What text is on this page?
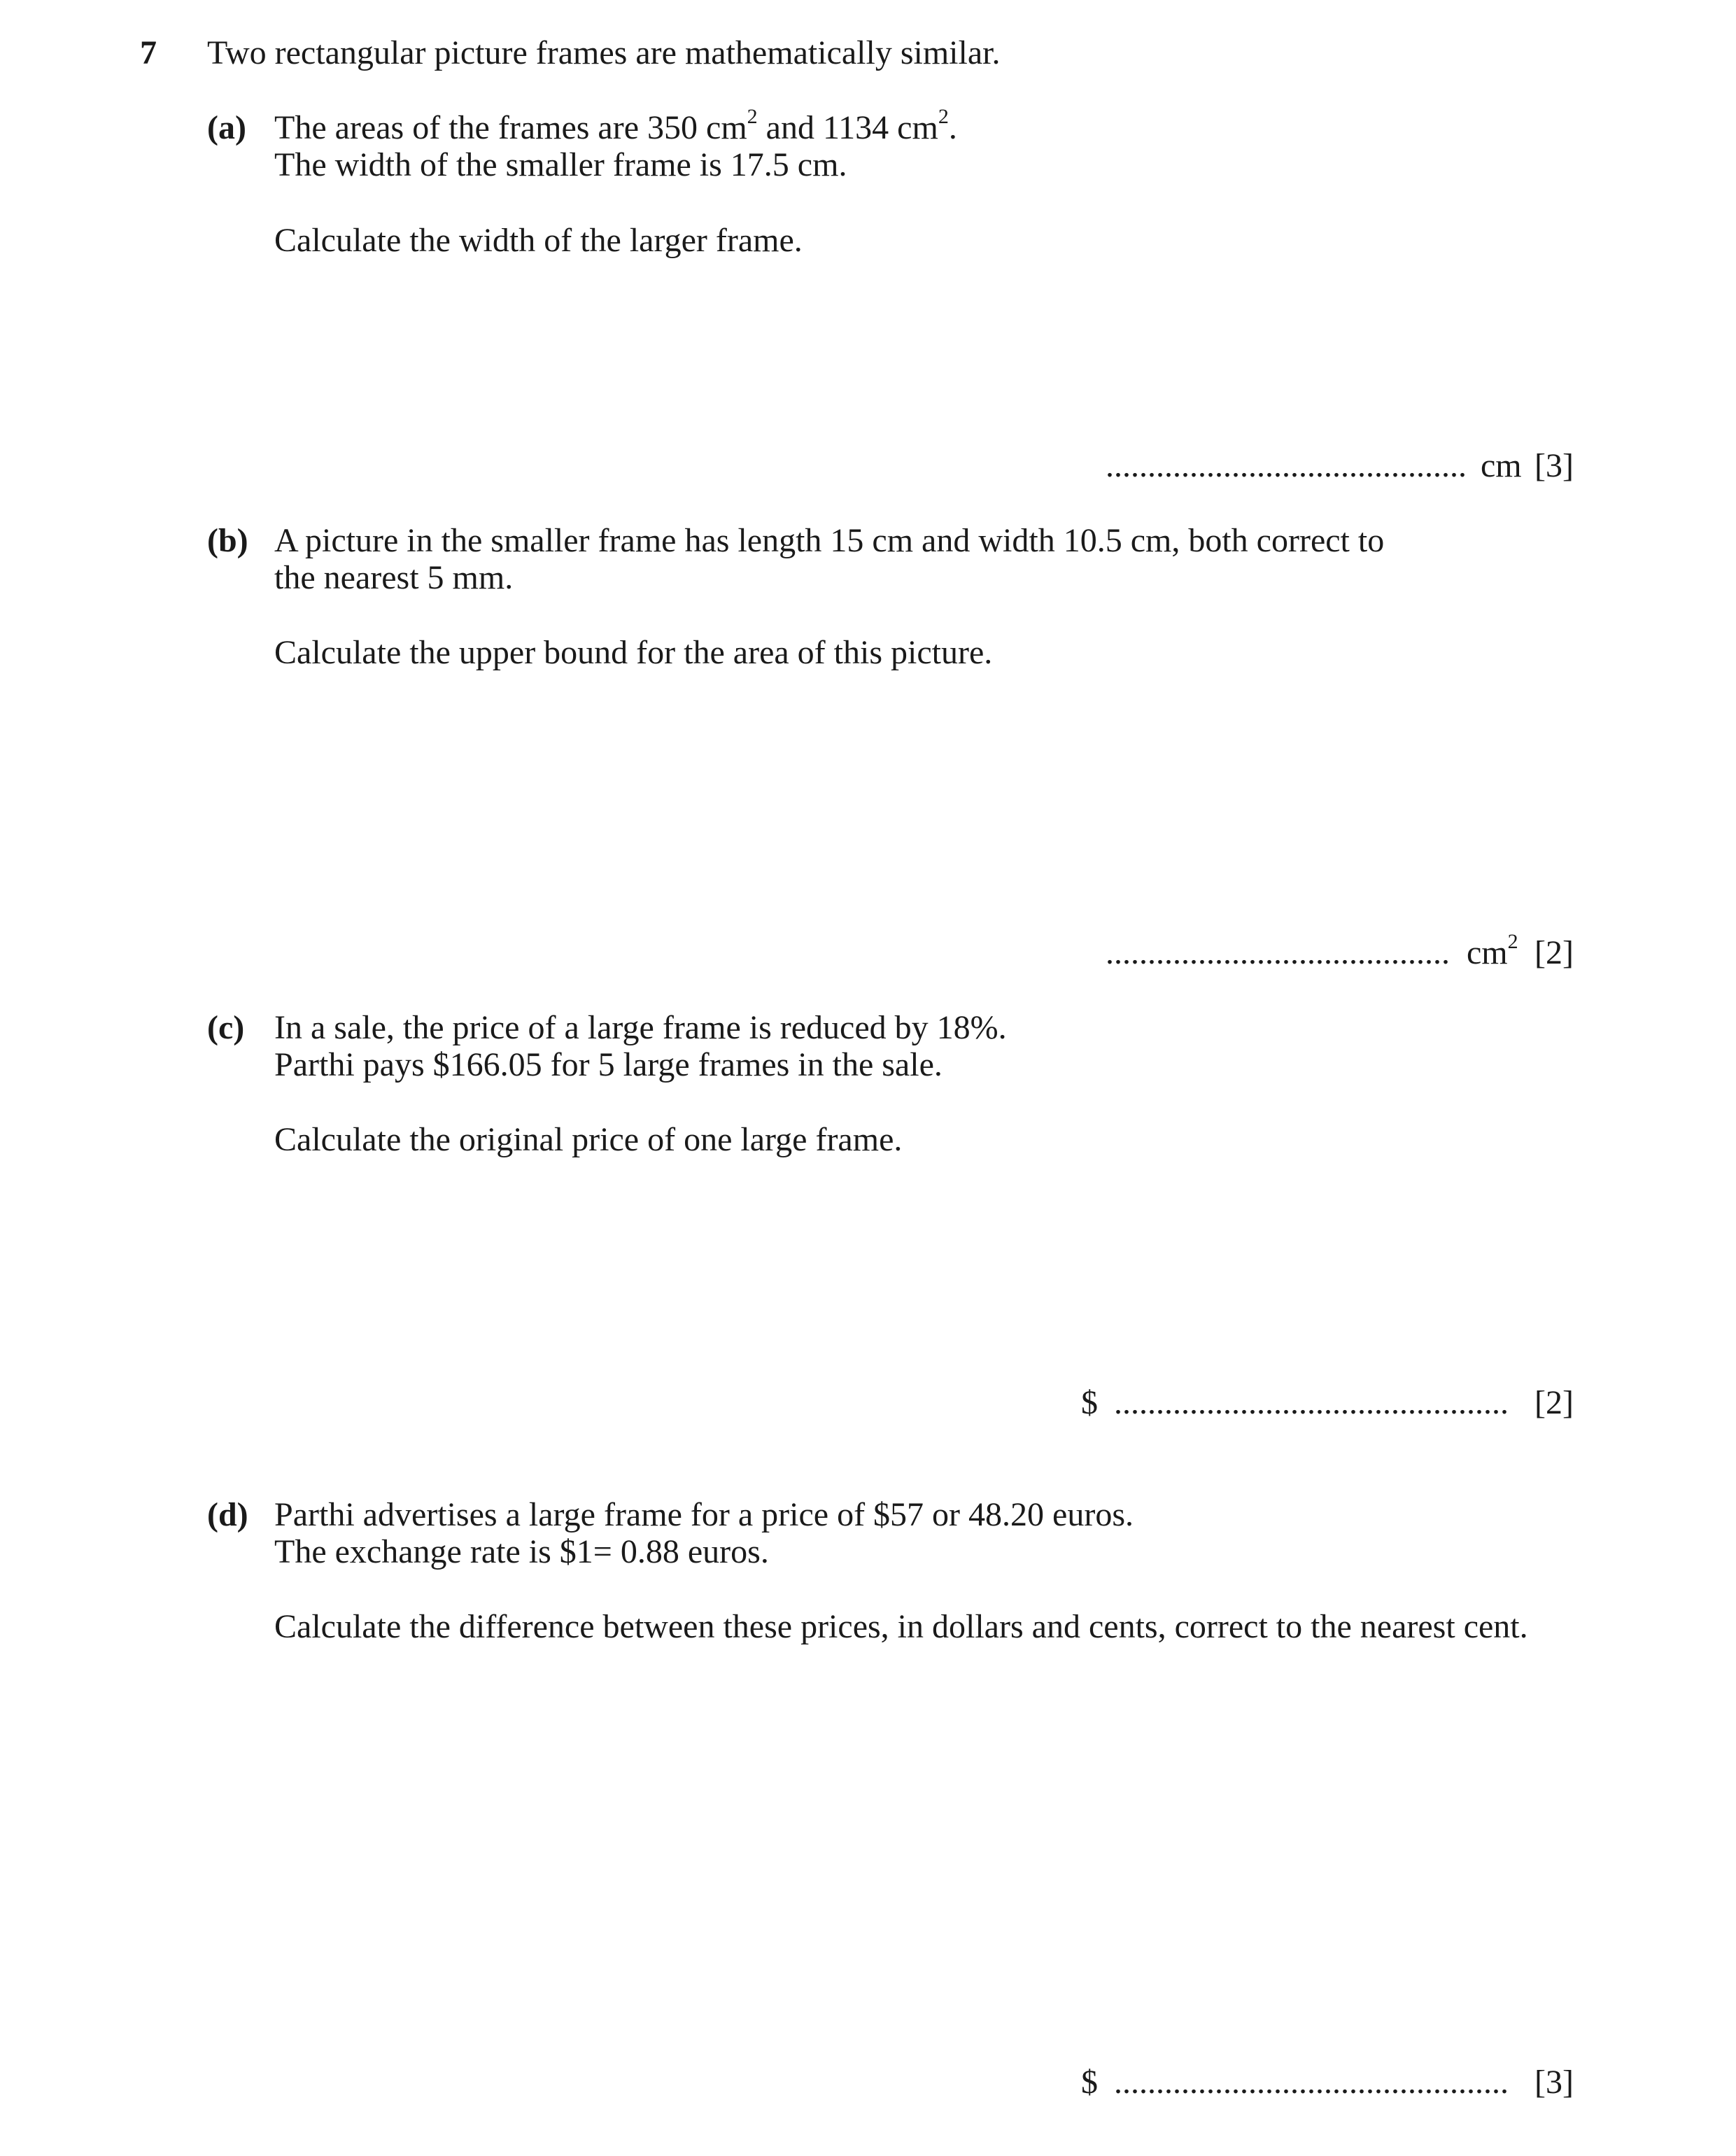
7 Two rectangular picture frames are mathematically similar.
(a) The areas of the frames are 350 $cm^2$ and 1134 $cm^2$.
The width of the smaller frame is 17.5 cm.
Calculate the width of the larger frame.
........................................... cm [3]
(b) A picture in the smaller frame has length 15 cm and width 10.5 cm, both correct to
the nearest 5 mm.
Calculate the upper bound for the area of this picture.
......................................... $cm^2$ [2]
(c) In a sale, the price of a large frame is reduced by 18%.
Parthi pays $166.05 for 5 large frames in the sale.
Calculate the original price of one large frame.
$ ............................................... [2]
(d) Parthi advertises a large frame for a price of $57 or 48.20 euros.
The exchange rate is $1= 0.88 euros.
Calculate the difference between these prices, in dollars and cents, correct to the nearest cent.
$ ............................................... [3]
